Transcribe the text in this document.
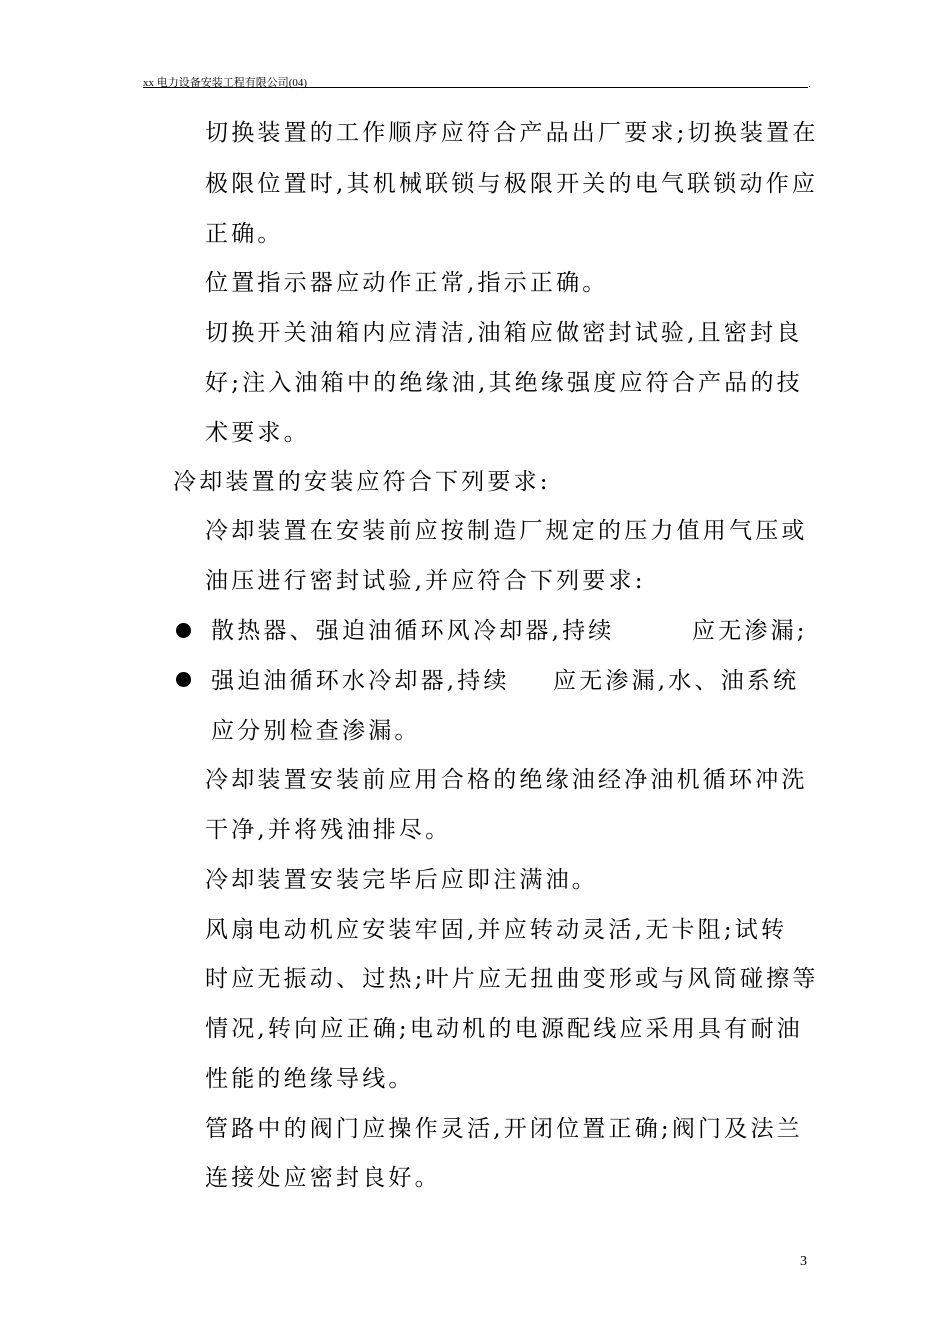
xx 电力设备安装工程有限公司(04)	.
切换装置的工作顺序应符合产品出厂要求;切换装置在
极限位置时,其机械联锁与极限开关的电气联锁动作应
正确。
位置指示器应动作正常,指示正确。
切换开关油箱内应清洁,油箱应做密封试验,且密封良
好;注入油箱中的绝缘油,其绝缘强度应符合产品的技
术要求。
冷却装置的安装应符合下列要求:
冷却装置在安装前应按制造厂规定的压力值用气压或
油压进行密封试验,并应符合下列要求:
散热器、强迫油循环风冷却器,持续	应无渗漏;
强迫油循环水冷却器,持续 应无渗漏,水、油系统
应分别检查渗漏。
冷却装置安装前应用合格的绝缘油经净油机循环冲洗
干净,并将残油排尽。
冷却装置安装完毕后应即注满油。
风扇电动机应安装牢固,并应转动灵活,无卡阻;试转
时应无振动、过热;叶片应无扭曲变形或与风筒碰擦等
情况,转向应正确;电动机的电源配线应采用具有耐油
性能的绝缘导线。
管路中的阀门应操作灵活,开闭位置正确;阀门及法兰
连接处应密封良好。
3
